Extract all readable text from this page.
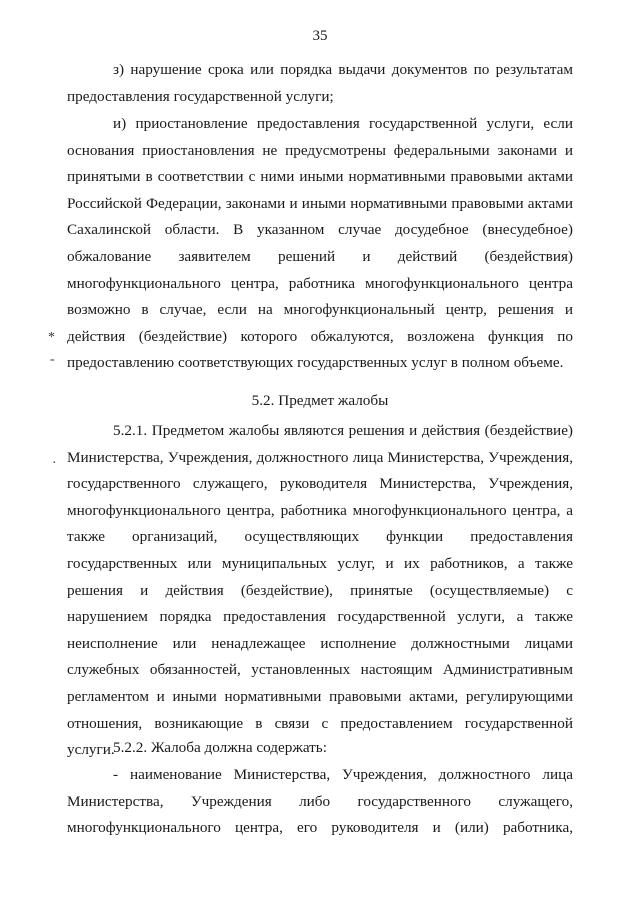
35
з) нарушение срока или порядка выдачи документов по результатам предоставления государственной услуги;
и) приостановление предоставления государственной услуги, если основания приостановления не предусмотрены федеральными законами и принятыми в соответствии с ними иными нормативными правовыми актами Российской Федерации, законами и иными нормативными правовыми актами Сахалинской области. В указанном случае досудебное (внесудебное) обжалование заявителем решений и действий (бездействия) многофункционального центра, работника многофункционального центра возможно в случае, если на многофункциональный центр, решения и действия (бездействие) которого обжалуются, возложена функция по предоставлению соответствующих государственных услуг в полном объеме.
5.2. Предмет жалобы
5.2.1. Предметом жалобы являются решения и действия (бездействие) Министерства, Учреждения, должностного лица Министерства, Учреждения, государственного служащего, руководителя Министерства, Учреждения, многофункционального центра, работника многофункционального центра, а также организаций, осуществляющих функции предоставления государственных или муниципальных услуг, и их работников, а также решения и действия (бездействие), принятые (осуществляемые) с нарушением порядка предоставления государственной услуги, а также неисполнение или ненадлежащее исполнение должностными лицами служебных обязанностей, установленных настоящим Административным регламентом и иными нормативными правовыми актами, регулирующими отношения, возникающие в связи с предоставлением государственной услуги.
5.2.2. Жалоба должна содержать:
- наименование Министерства, Учреждения, должностного лица Министерства, Учреждения либо государственного служащего, многофункционального центра, его руководителя и (или) работника,
*
-
·
